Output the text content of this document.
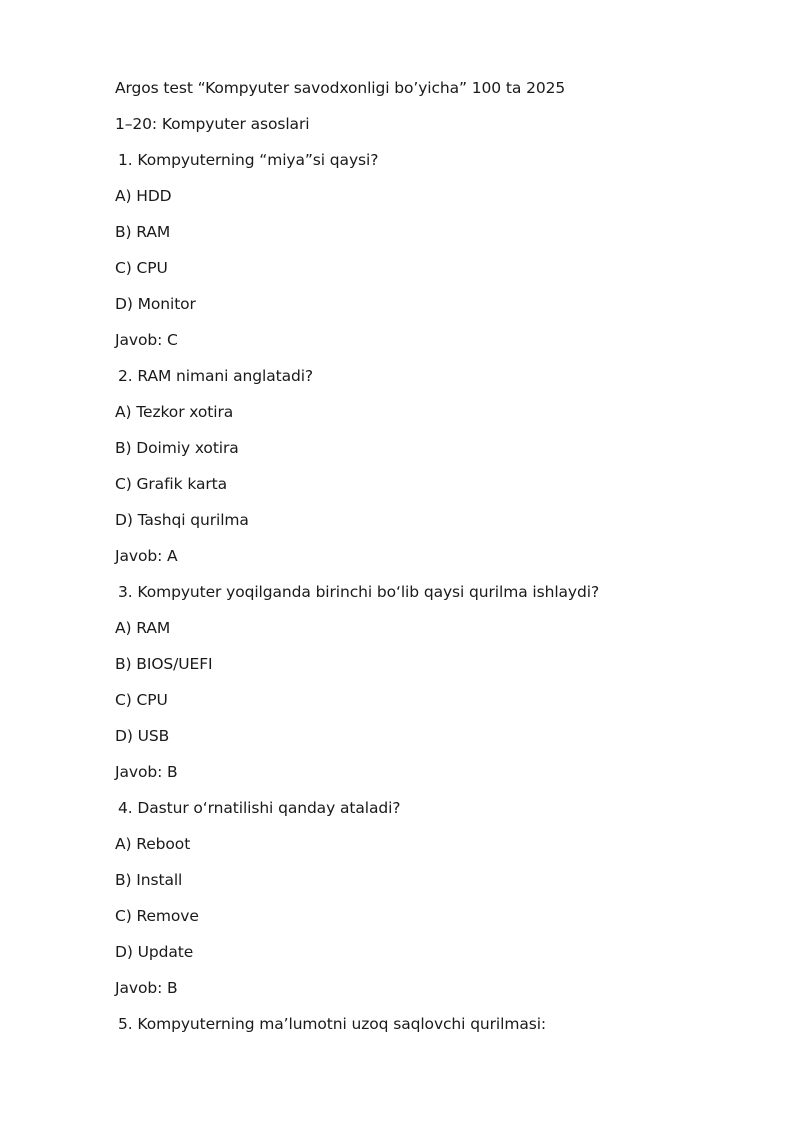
Argos test “Kompyuter savodxonligi bo’yicha” 100 ta 2025
1–20: Kompyuter asoslari
1. Kompyuterning “miya”si qaysi?
A) HDD
B) RAM
C) CPU
D) Monitor
Javob: C
2. RAM nimani anglatadi?
A) Tezkor xotira
B) Doimiy xotira
C) Grafik karta
D) Tashqi qurilma
Javob: A
3. Kompyuter yoqilganda birinchi bo‘lib qaysi qurilma ishlaydi?
A) RAM
B) BIOS/UEFI
C) CPU
D) USB
Javob: B
4. Dastur o‘rnatilishi qanday ataladi?
A) Reboot
B) Install
C) Remove
D) Update
Javob: B
5. Kompyuterning ma’lumotni uzoq saqlovchi qurilmasi:
